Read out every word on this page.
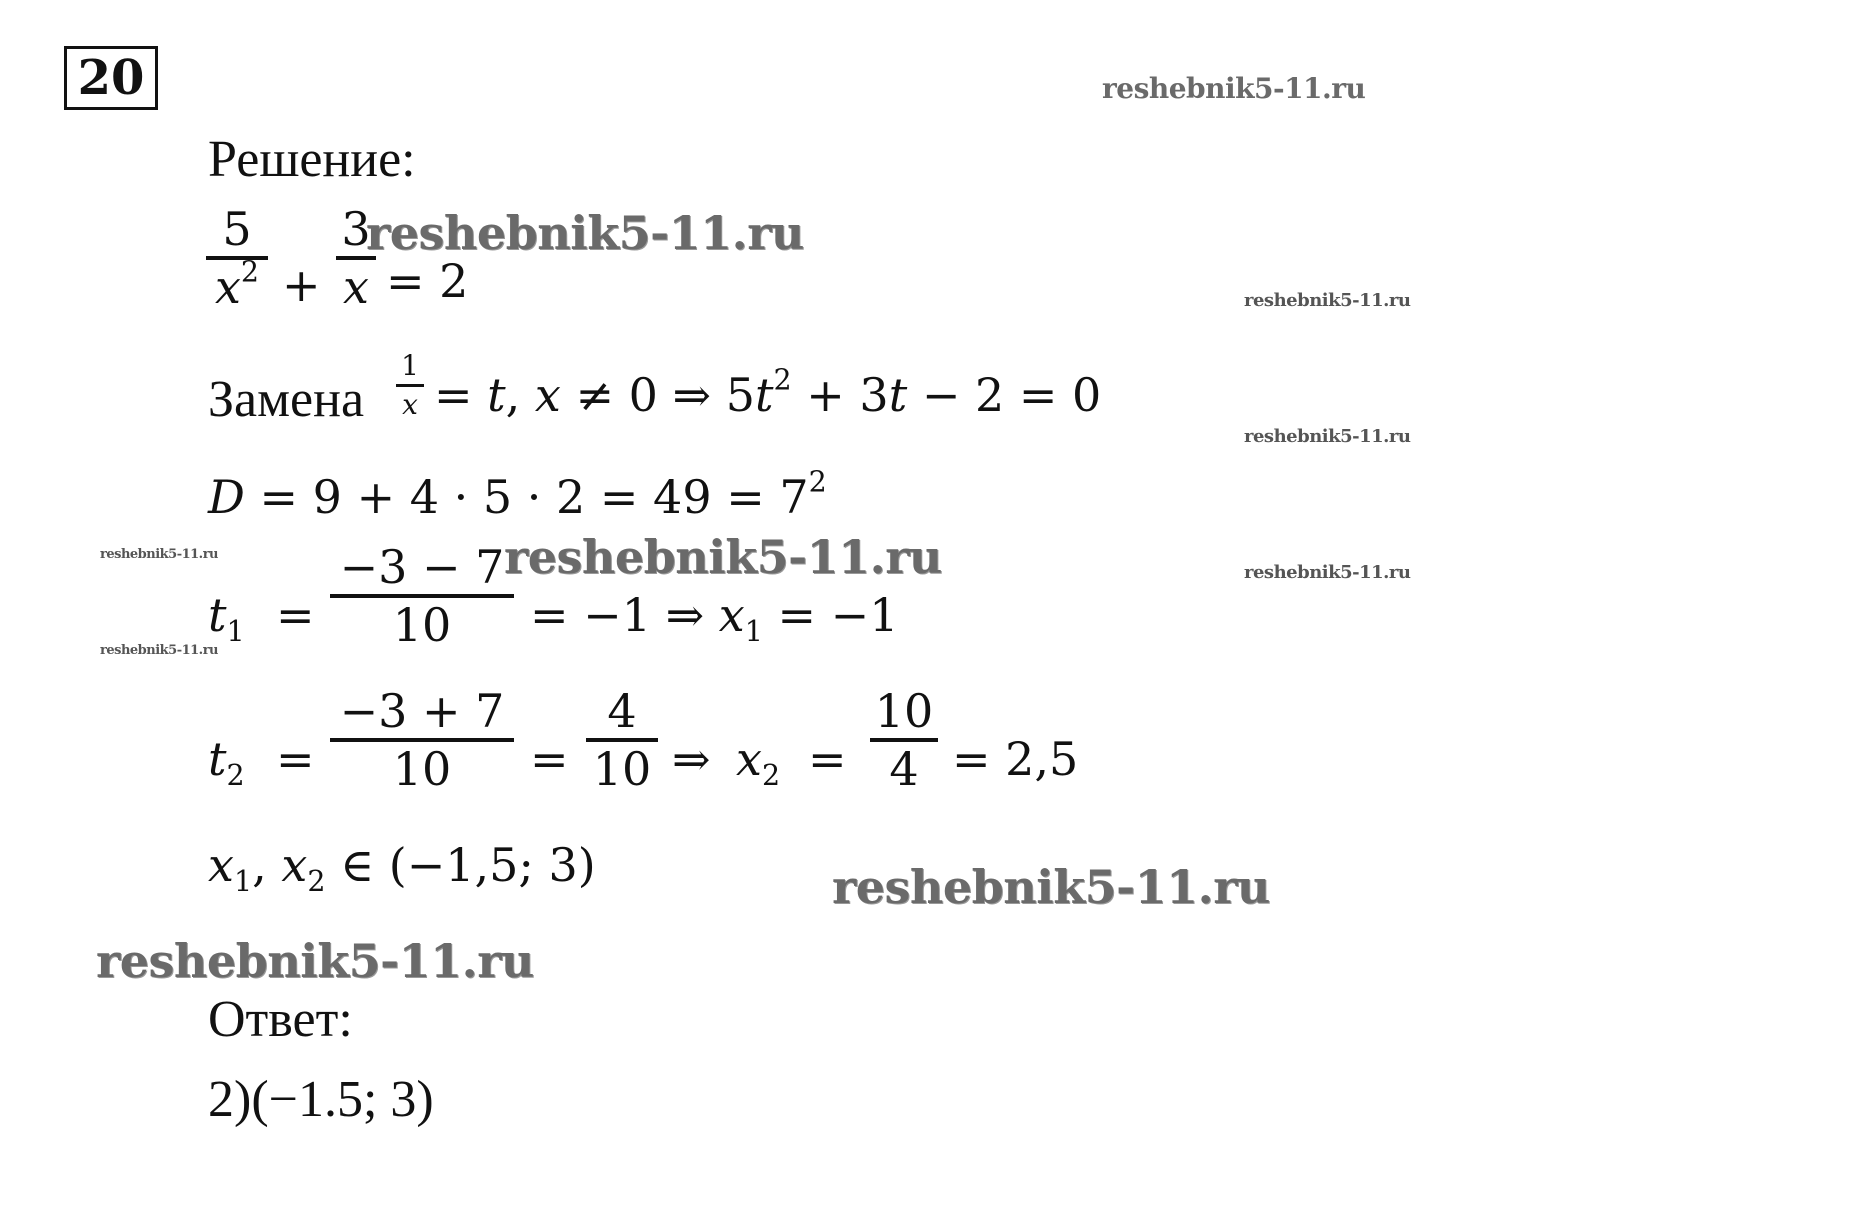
20
Решение:
5
$x^2$ +
3
x = 2
Замена
1
x = t, x ≠ 0 ⇒ $5t^2 + 3t - 2 = 0$
$D = 9 + 4 \cdot 5 \cdot 2 = 49 = 7^2$
$t_1$ =
−3 − 7
10	= −1 ⇒ $x_1 = -1$
$t_2$ =
−3 + 7
10	=
4
10 ⇒ $x_2$ =
10
4 = 2,5
$x_1$, $x_2$ ∈ (−1,5; 3)
Ответ:
2)(−1.5; 3)
reshebnik5-11.ru
reshebnik5-11.ru
reshebnik5-11.ru
reshebnik5-11.ru
reshebnik5-11.ru	reshebnik5-11.ru	reshebnik5-11.ru
reshebnik5-11.ru
reshebnik5-11.ru
reshebnik5-11.ru
